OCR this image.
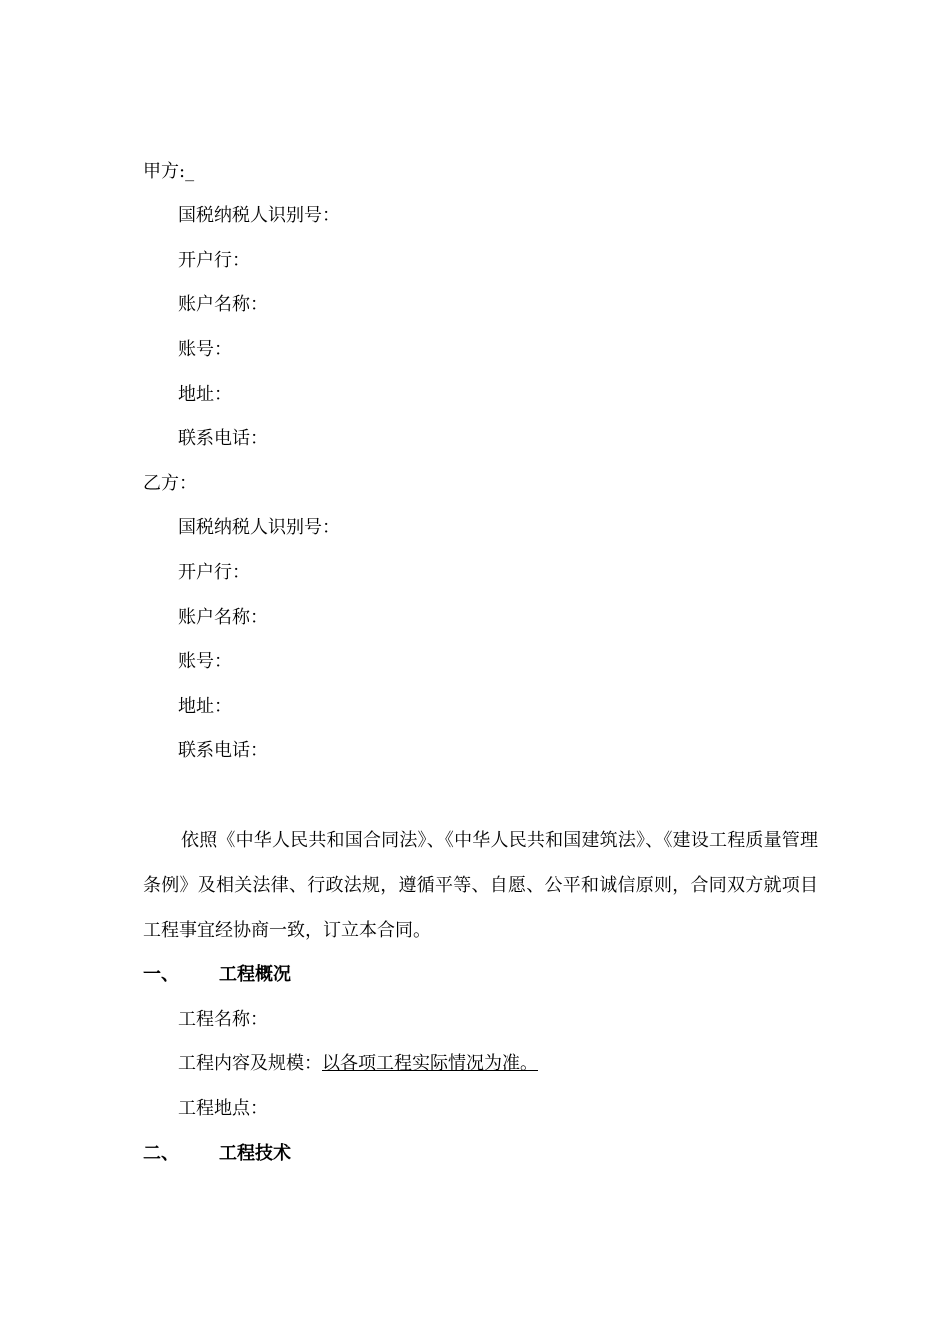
甲方:_
国税纳税人识别号：
开户行：
账户名称：
账号：
地址：
联系电话：
乙方：
国税纳税人识别号：
开户行：
账户名称：
账号：
地址：
联系电话：
依照《中华人民共和国合同法》、《中华人民共和国建筑法》、《建设工程质量管理条例》及相关法律、行政法规，遵循平等、自愿、公平和诚信原则，合同双方就项目工程事宜经协商一致，订立本合同。
一、 工程概况
工程名称：
工程内容及规模：以各项工程实际情况为准。
工程地点：
二、 工程技术
